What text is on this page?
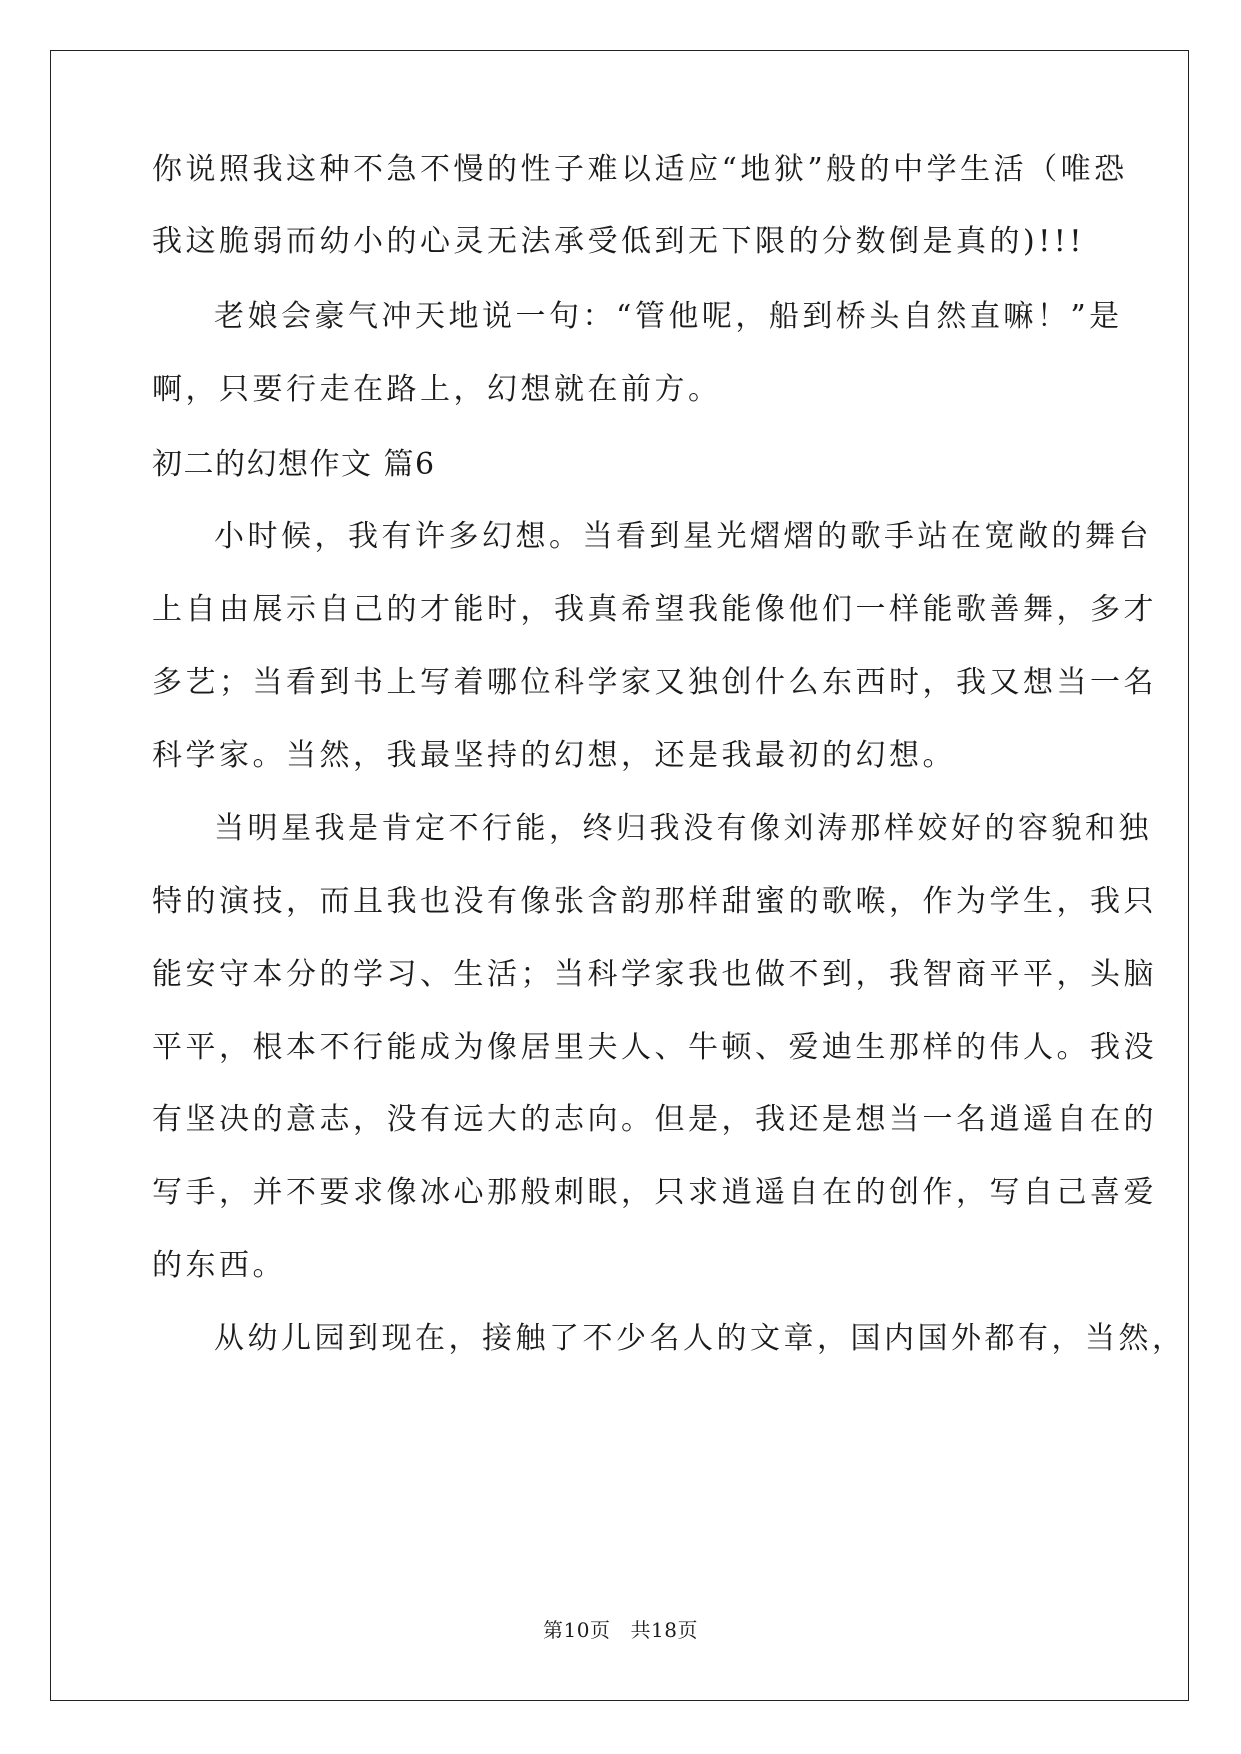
你说照我这种不急不慢的性子难以适应“地狱”般的中学生活（唯恐
我这脆弱而幼小的心灵无法承受低到无下限的分数倒是真的)!!!
老娘会豪气冲天地说一句：“管他呢，船到桥头自然直嘛！”是
啊，只要行走在路上，幻想就在前方。
初二的幻想作文 篇6
小时候，我有许多幻想。当看到星光熠熠的歌手站在宽敞的舞台
上自由展示自己的才能时，我真希望我能像他们一样能歌善舞，多才
多艺；当看到书上写着哪位科学家又独创什么东西时，我又想当一名
科学家。当然，我最坚持的幻想，还是我最初的幻想。
当明星我是肯定不行能，终归我没有像刘涛那样姣好的容貌和独
特的演技，而且我也没有像张含韵那样甜蜜的歌喉，作为学生，我只
能安守本分的学习、生活；当科学家我也做不到，我智商平平，头脑
平平，根本不行能成为像居里夫人、牛顿、爱迪生那样的伟人。我没
有坚决的意志，没有远大的志向。但是，我还是想当一名逍遥自在的
写手，并不要求像冰心那般刺眼，只求逍遥自在的创作，写自己喜爱
的东西。
从幼儿园到现在，接触了不少名人的文章，国内国外都有，当然，
第10页 共18页
